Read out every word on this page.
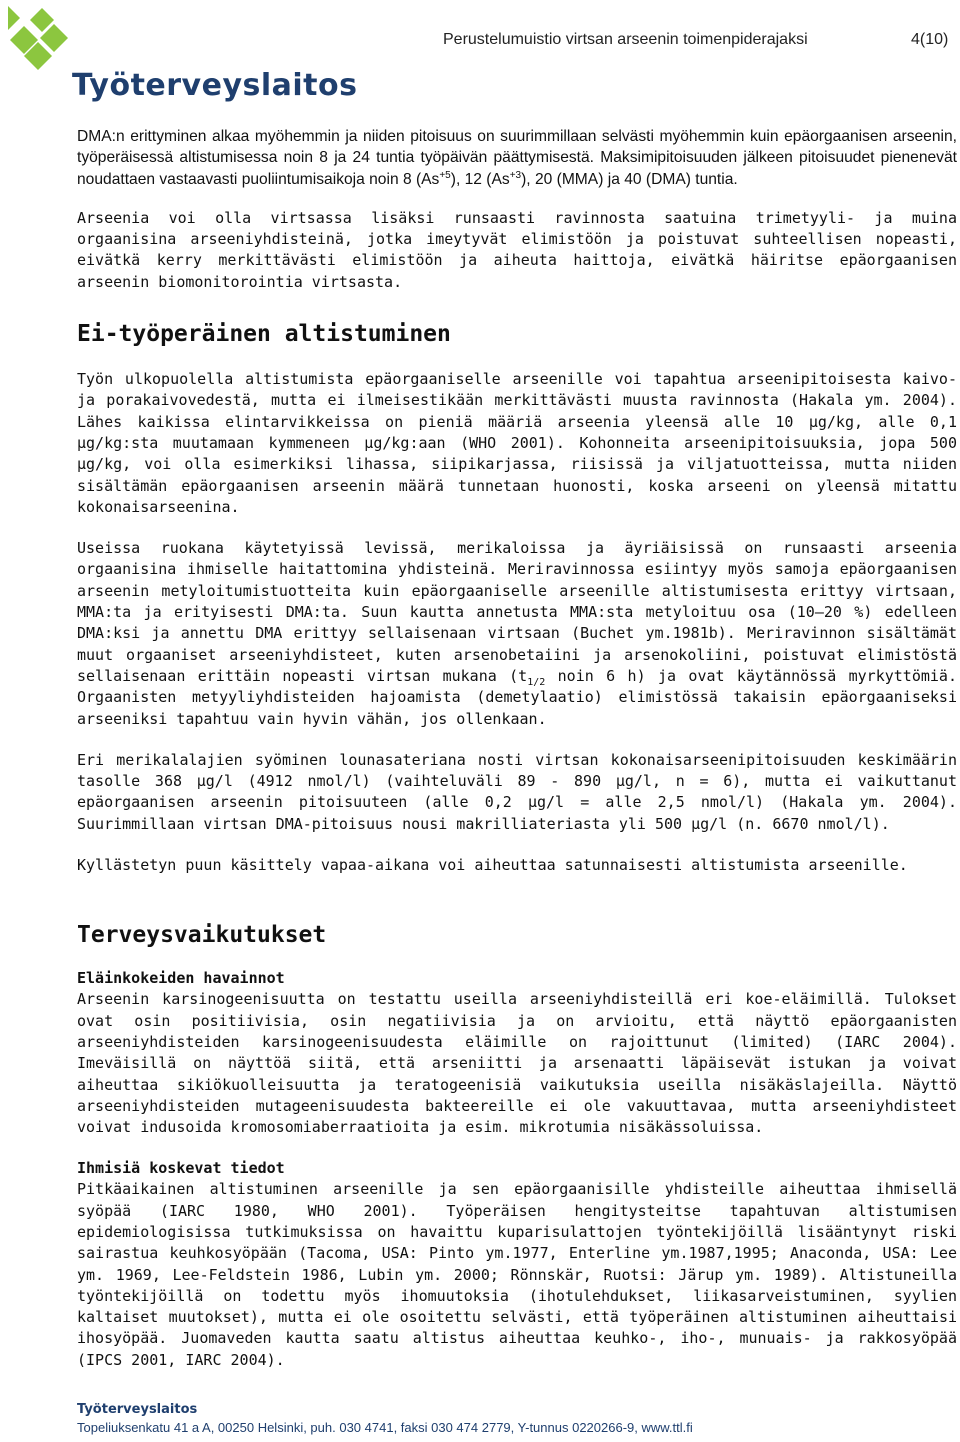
Työterveyslaitos
Perustelumuistio virtsan arseenin toimenpiderajaksi	4(10)

DMA:n erittyminen alkaa myöhemmin ja niiden pitoisuus on suurimmillaan selvästi myöhemmin kuin epäorgaanisen arseenin, työperäisessä altistumisessa noin 8 ja 24 tuntia työpäivän päättymisestä. Maksimipitoisuuden jälkeen pitoisuudet pienenevät noudattaen vastaavasti puoliintumisaikoja noin 8 $(As^{+5})$, 12 $(As^{+3})$, 20 (MMA) ja 40 (DMA) tuntia.

Arseenia voi olla virtsassa lisäksi runsaasti ravinnosta saatuina trimetyyli- ja muina orgaanisina arseeniyhdisteinä, jotka imeytyvät elimistöön ja poistuvat suhteellisen nopeasti, eivätkä kerry merkittävästi elimistöön ja aiheuta haittoja, eivätkä häiritse epäorgaanisen arseenin biomonitorointia virtsasta.

Ei-työperäinen altistuminen

Työn ulkopuolella altistumista epäorgaaniselle arseenille voi tapahtua arseenipitoisesta kaivo- ja porakaivovedestä, mutta ei ilmeisestikään merkittävästi muusta ravinnosta (Hakala ym. 2004). Lähes kaikissa elintarvikkeissa on pieniä määriä arseenia yleensä alle 10 µg/kg, alle 0,1 µg/kg:sta muutamaan kymmeneen µg/kg:aan (WHO 2001). Kohonneita arseenipitoisuuksia, jopa 500 µg/kg, voi olla esimerkiksi lihassa, siipikarjassa, riisissä ja viljatuotteissa, mutta niiden sisältämän epäorgaanisen arseenin määrä tunnetaan huonosti, koska arseeni on yleensä mitattu kokonaisarseenina.

Useissa ruokana käytetyissä levissä, merikaloissa ja äyriäisissä on runsaasti arseenia orgaanisina ihmiselle haitattomina yhdisteinä. Meriravinnossa esiintyy myös samoja epäorgaanisen arseenin metyloitumistuotteita kuin epäorgaaniselle arseenille altistumisesta erittyy virtsaan, MMA:ta ja erityisesti DMA:ta. Suun kautta annetusta MMA:sta metyloituu osa (10–20 %) edelleen DMA:ksi ja annettu DMA erittyy sellaisenaan virtsaan (Buchet ym.1981b). Meriravinnon sisältämät muut orgaaniset arseeniyhdisteet, kuten arsenobetaiini ja arsenokoliini, poistuvat elimistöstä sellaisenaan erittäin nopeasti virtsan mukana ($t_{1/2}$ noin 6 h) ja ovat käytännössä myrkyttömiä. Orgaanisten metyyliyhdisteiden hajoamista (demetylaatio) elimistössä takaisin epäorgaaniseksi arseeniksi tapahtuu vain hyvin vähän, jos ollenkaan.

Eri merikalalajien syöminen lounasateriana nosti virtsan kokonaisarseenipitoisuuden keskimäärin tasolle 368 µg/l (4912 nmol/l) (vaihteluväli 89 - 890 µg/l, n = 6), mutta ei vaikuttanut epäorgaanisen arseenin pitoisuuteen (alle 0,2 µg/l = alle 2,5 nmol/l) (Hakala ym. 2004). Suurimmillaan virtsan DMA-pitoisuus nousi makrilliateriasta yli 500 µg/l (n. 6670 nmol/l).

Kyllästetyn puun käsittely vapaa-aikana voi aiheuttaa satunnaisesti altistumista arseenille.

Terveysvaikutukset
Eläinkokeiden havainnot

Arseenin karsinogeenisuutta on testattu useilla arseeniyhdisteillä eri koe-eläimillä. Tulokset ovat osin positiivisia, osin negatiivisia ja on arvioitu, että näyttö epäorgaanisten arseeniyhdisteiden karsinogeenisuudesta eläimille on rajoittunut (limited) (IARC 2004). Imeväisillä on näyttöä siitä, että arseniitti ja arsenaatti läpäisevät istukan ja voivat aiheuttaa sikiökuolleisuutta ja teratogeenisiä vaikutuksia useilla nisäkäslajeilla. Näyttö arseeniyhdisteiden mutageenisuudesta bakteereille ei ole vakuuttavaa, mutta arseeniyhdisteet voivat indusoida kromosomiaberraatioita ja esim. mikrotumia nisäkässoluissa.

Ihmisiä koskevat tiedot

Pitkäaikainen altistuminen arseenille ja sen epäorgaanisille yhdisteille aiheuttaa ihmisellä syöpää (IARC 1980, WHO 2001). Työperäisen hengitysteitse tapahtuvan altistumisen epidemiologisissa tutkimuksissa on havaittu kuparisulattojen työntekijöillä lisääntynyt riski sairastua keuhkosyöpään (Tacoma, USA: Pinto ym.1977, Enterline ym.1987,1995; Anaconda, USA: Lee ym. 1969, Lee-Feldstein 1986, Lubin ym. 2000; Rönnskär, Ruotsi: Järup ym. 1989). Altistuneilla työntekijöillä on todettu myös ihomuutoksia (ihotulehdukset, liikasarveistuminen, syylien kaltaiset muutokset), mutta ei ole osoitettu selvästi, että työperäinen altistuminen aiheuttaisi ihosyöpää. Juomaveden kautta saatu altistus aiheuttaa keuhko-, iho-, munuais- ja rakkosyöpää (IPCS 2001, IARC 2004).

Työterveyslaitos
Topeliuksenkatu 41 a A, 00250 Helsinki, puh. 030 4741, faksi 030 474 2779, Y-tunnus 0220266-9, www.ttl.fi
